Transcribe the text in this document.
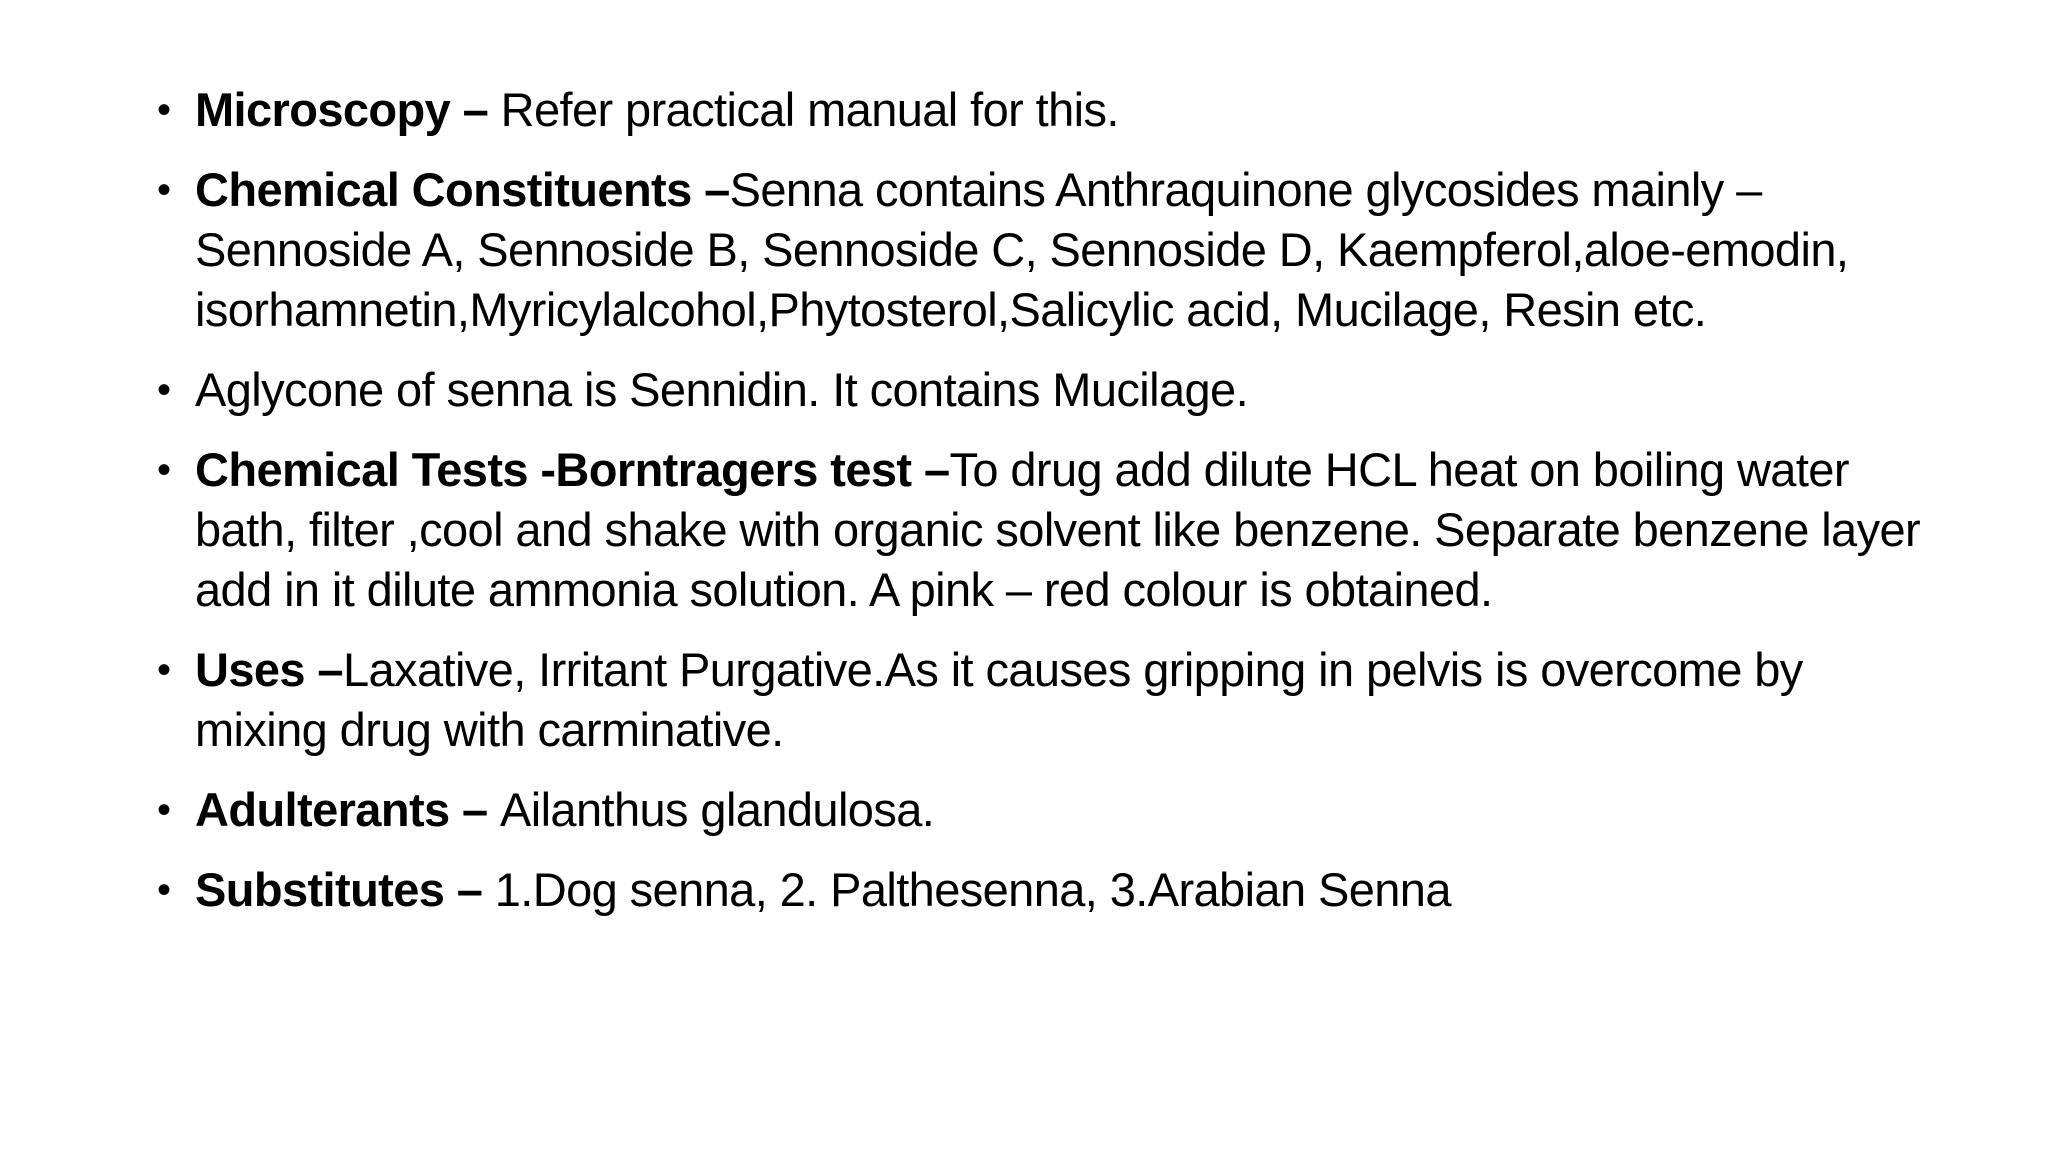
• Microscopy – Refer practical manual for this.
• Chemical Constituents –Senna contains Anthraquinone glycosides mainly – Sennoside A, Sennoside B, Sennoside C, Sennoside D, Kaempferol,aloe-emodin, isorhamnetin,Myricylalcohol,Phytosterol,Salicylic acid, Mucilage, Resin etc.
• Aglycone of senna is Sennidin. It contains Mucilage.
• Chemical Tests -Borntragers test –To drug add dilute HCL heat on boiling water bath, filter ,cool and shake with organic solvent like benzene. Separate benzene layer add in it dilute ammonia solution. A pink – red colour is obtained.
• Uses –Laxative, Irritant Purgative.As it causes gripping in pelvis is overcome by mixing drug with carminative.
• Adulterants – Ailanthus glandulosa.
• Substitutes – 1.Dog senna, 2. Palthesenna, 3.Arabian Senna
